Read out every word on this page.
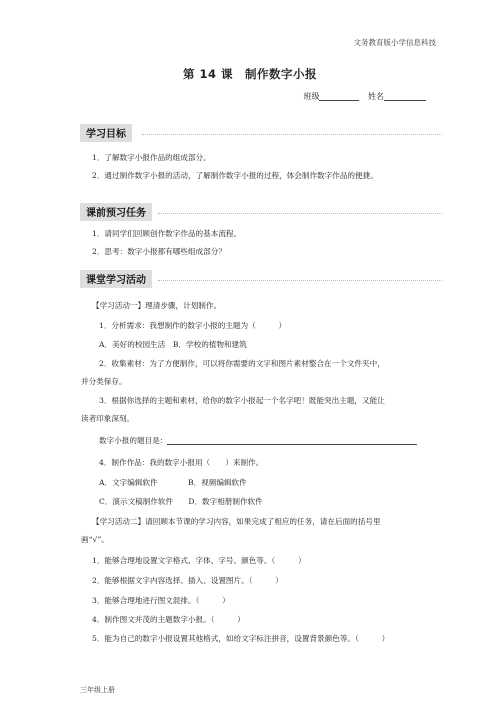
文务教育版小学信息科技
第 14 课　制作数字小报
班级	姓名
学习目标
1．了解数字小报作品的组成部分。
2．通过制作数字小报的活动，了解制作数字小报的过程，体会制作数字作品的便捷。
课前预习任务
1．请同学们回顾创作数字作品的基本流程。
2．思考：数字小报都有哪些组成部分？
课堂学习活动
【学习活动一】理清步骤，计划制作。
1．分析需求：我想制作的数字小报的主题为（　　　）
A．美好的校园生活　B．学校的植物和建筑
2．收集素材：为了方便制作，可以将你需要的文字和图片素材整合在一个文件夹中，
并分类保存。
3．根据你选择的主题和素材，给你的数字小报起一个名字吧！既能突出主题，又能让
读者印象深刻。
数字小报的题目是：
4．制作作品：我的数字小报用（　　）来制作。
A．文字编辑软件　　　　B．视频编辑软件
C．演示文稿制作软件　　D．数字相册制作软件
【学习活动二】请回顾本节课的学习内容，如果完成了相应的任务，请在后面的括号里
画“√”。
1．能够合理地设置文字格式、字体、字号、颜色等。（　　　）
2．能够根据文字内容选择、插入、设置图片。（　　　）
3．能够合理地进行图文混排。（　　　）
4．制作图文并茂的主题数字小报。（　　　）
5．能为自己的数字小报设置其他格式，如给文字标注拼音，设置背景颜色等。（　　　）
三年级上册
